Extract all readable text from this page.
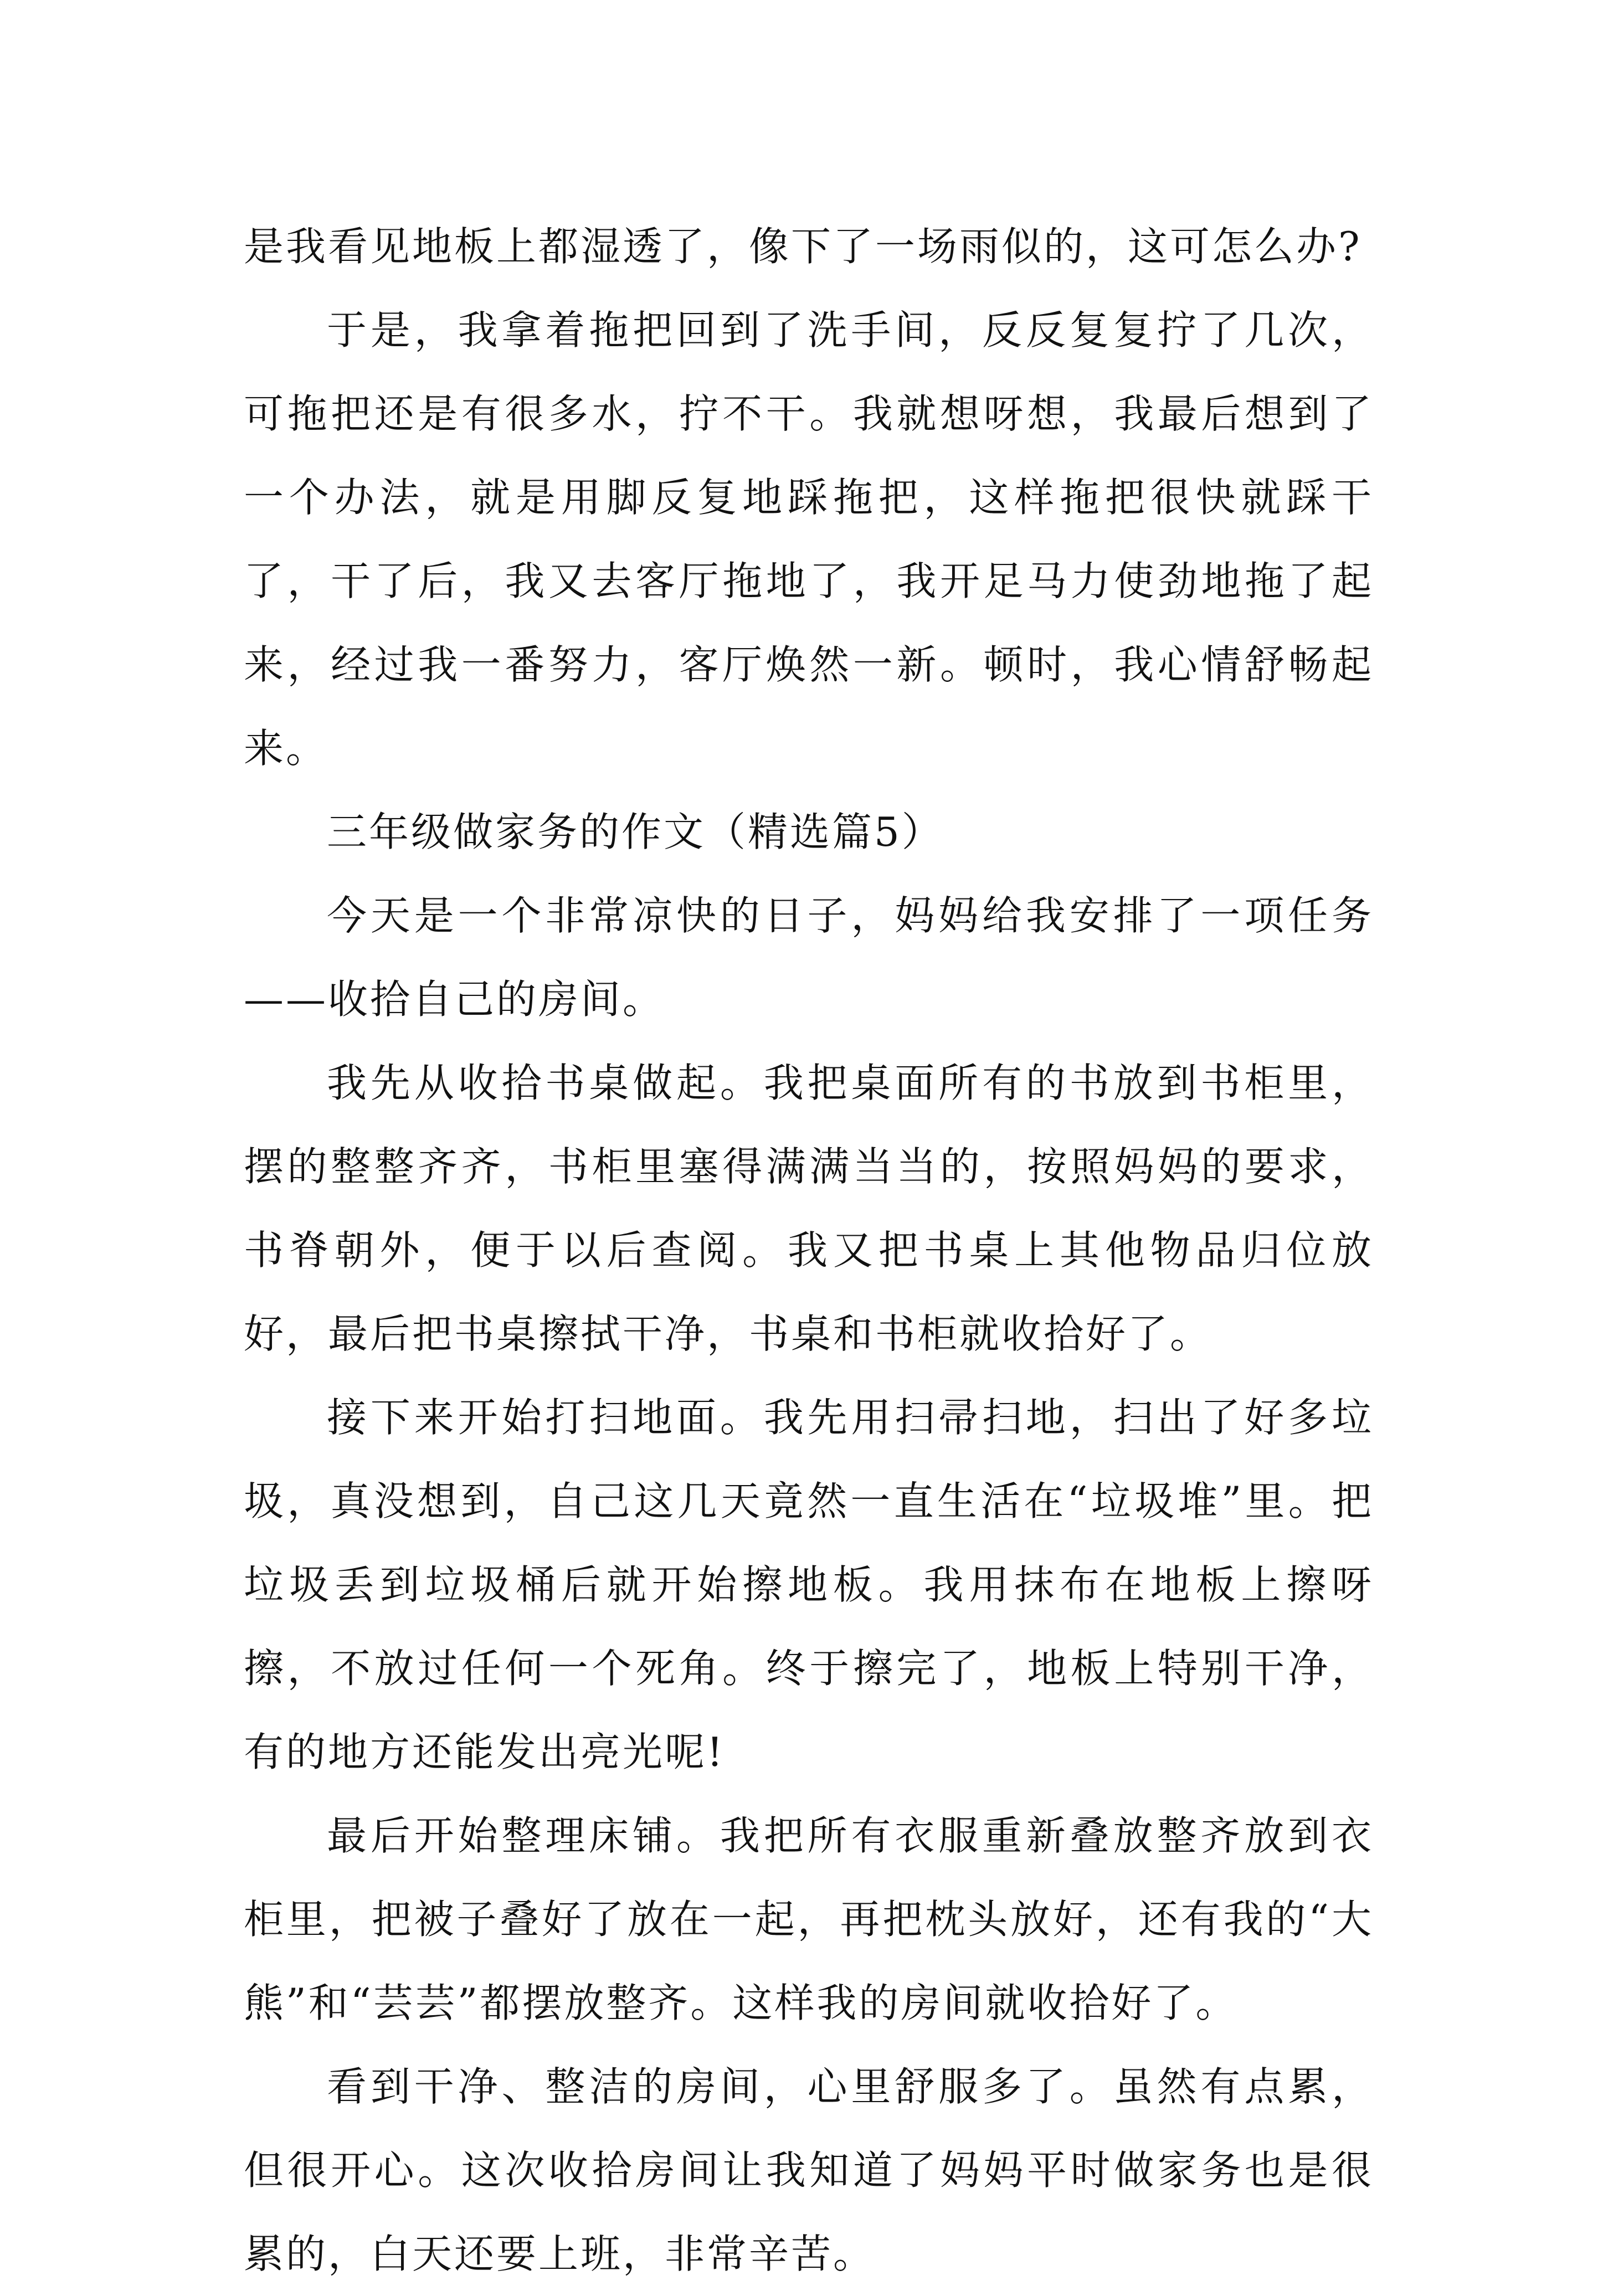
是我看见地板上都湿透了，像下了一场雨似的，这可怎么办?

于是，我拿着拖把回到了洗手间，反反复复拧了几次，可拖把还是有很多水，拧不干。我就想呀想，我最后想到了一个办法，就是用脚反复地踩拖把，这样拖把很快就踩干了，干了后，我又去客厅拖地了，我开足马力使劲地拖了起来，经过我一番努力，客厅焕然一新。顿时，我心情舒畅起来。

三年级做家务的作文（精选篇5）

今天是一个非常凉快的日子，妈妈给我安排了一项任务——收拾自己的房间。

我先从收拾书桌做起。我把桌面所有的书放到书柜里，摆的整整齐齐，书柜里塞得满满当当的，按照妈妈的要求，书脊朝外，便于以后查阅。我又把书桌上其他物品归位放好，最后把书桌擦拭干净，书桌和书柜就收拾好了。

接下来开始打扫地面。我先用扫帚扫地，扫出了好多垃圾，真没想到，自己这几天竟然一直生活在“垃圾堆”里。把垃圾丢到垃圾桶后就开始擦地板。我用抹布在地板上擦呀擦，不放过任何一个死角。终于擦完了，地板上特别干净，有的地方还能发出亮光呢!

最后开始整理床铺。我把所有衣服重新叠放整齐放到衣柜里，把被子叠好了放在一起，再把枕头放好，还有我的“大熊”和“芸芸”都摆放整齐。这样我的房间就收拾好了。

看到干净、整洁的房间，心里舒服多了。虽然有点累，但很开心。这次收拾房间让我知道了妈妈平时做家务也是很累的，白天还要上班，非常辛苦。
